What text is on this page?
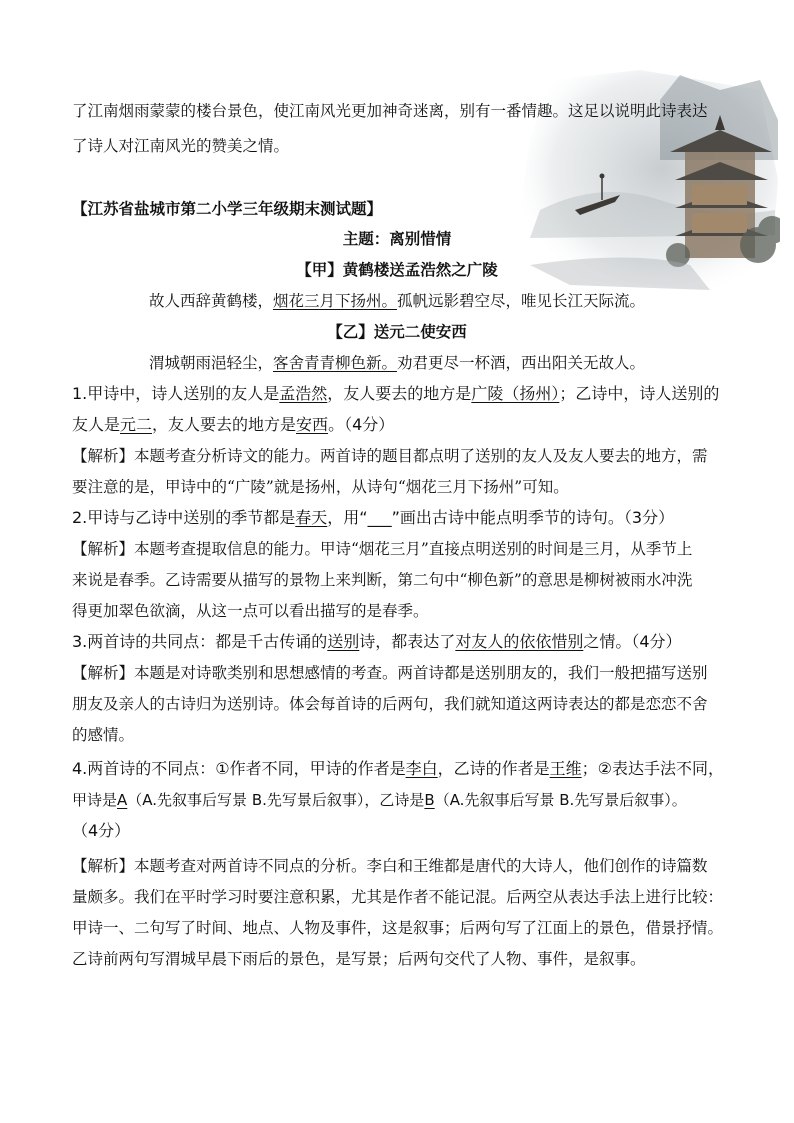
了江南烟雨蒙蒙的楼台景色，使江南风光更加神奇迷离，别有一番情趣。这足以说明此诗表达
了诗人对江南风光的赞美之情。
【江苏省盐城市第二小学三年级期末测试题】
主题：离别惜情
【甲】黄鹤楼送孟浩然之广陵
故人西辞黄鹤楼，烟花三月下扬州。孤帆远影碧空尽，唯见长江天际流。
【乙】送元二使安西
渭城朝雨浥轻尘，客舍青青柳色新。劝君更尽一杯酒，西出阳关无故人。
1.甲诗中，诗人送别的友人是孟浩然，友人要去的地方是广陵（扬州）；乙诗中，诗人送别的
友人是元二，友人要去的地方是安西。（4分）
【解析】本题考查分析诗文的能力。两首诗的题目都点明了送别的友人及友人要去的地方，需
要注意的是，甲诗中的“广陵”就是扬州，从诗句“烟花三月下扬州”可知。
2.甲诗与乙诗中送别的季节都是春天，用“___”画出古诗中能点明季节的诗句。（3分）
【解析】本题考查提取信息的能力。甲诗“烟花三月”直接点明送别的时间是三月，从季节上
来说是春季。乙诗需要从描写的景物上来判断，第二句中“柳色新”的意思是柳树被雨水冲洗
得更加翠色欲滴，从这一点可以看出描写的是春季。
3.两首诗的共同点：都是千古传诵的送别诗，都表达了对友人的依依惜别之情。（4分）
【解析】本题是对诗歌类别和思想感情的考查。两首诗都是送别朋友的，我们一般把描写送别
朋友及亲人的古诗归为送别诗。体会每首诗的后两句，我们就知道这两诗表达的都是恋恋不舍
的感情。
4.两首诗的不同点：①作者不同，甲诗的作者是李白，乙诗的作者是王维；②表达手法不同，
甲诗是A（A.先叙事后写景 B.先写景后叙事），乙诗是B（A.先叙事后写景 B.先写景后叙事）。
（4分）
【解析】本题考查对两首诗不同点的分析。李白和王维都是唐代的大诗人，他们创作的诗篇数
量颇多。我们在平时学习时要注意积累，尤其是作者不能记混。后两空从表达手法上进行比较：
甲诗一、二句写了时间、地点、人物及事件，这是叙事；后两句写了江面上的景色，借景抒情。
乙诗前两句写渭城早晨下雨后的景色，是写景；后两句交代了人物、事件，是叙事。
